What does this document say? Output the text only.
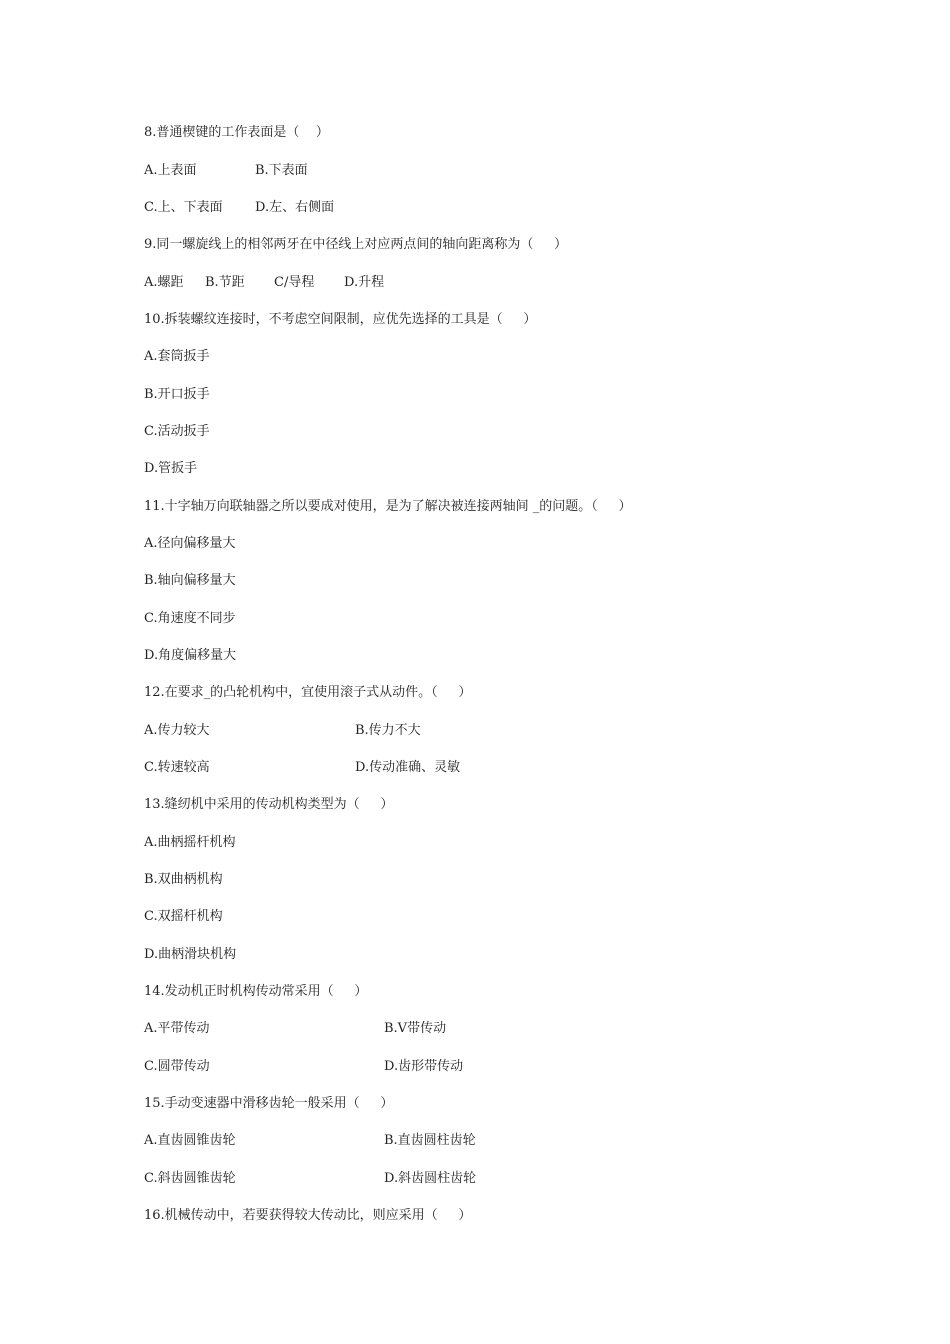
8.普通楔键的工作表面是（    ）
A.上表面	B.下表面
C.上、下表面 D.左、右侧面
9.同一螺旋线上的相邻两牙在中径线上对应两点间的轴向距离称为（     ）
A.螺距 B.节距 C/导程 D.升程
10.拆装螺纹连接时，不考虑空间限制，应优先选择的工具是（     ）
A.套筒扳手
B.开口扳手
C.活动扳手
D.管扳手
11.十字轴万向联轴器之所以要成对使用，是为了解决被连接两轴间 _的问题。（     ）
A.径向偏移量大
B.轴向偏移量大
C.角速度不同步
D.角度偏移量大
12.在要求_的凸轮机构中，宜使用滚子式从动件。（     ）
A.传力较大	B.传力不大
C.转速较高	D.传动准确、灵敏
13.缝纫机中采用的传动机构类型为（     ）
A.曲柄摇杆机构
B.双曲柄机构
C.双摇杆机构
D.曲柄滑块机构
14.发动机正时机构传动常采用（     ）
A.平带传动	B.V带传动
C.圆带传动	D.齿形带传动
15.手动变速器中滑移齿轮一般采用（     ）
A.直齿圆锥齿轮	B.直齿圆柱齿轮
C.斜齿圆锥齿轮	D.斜齿圆柱齿轮
16.机械传动中，若要获得较大传动比，则应采用（     ）
